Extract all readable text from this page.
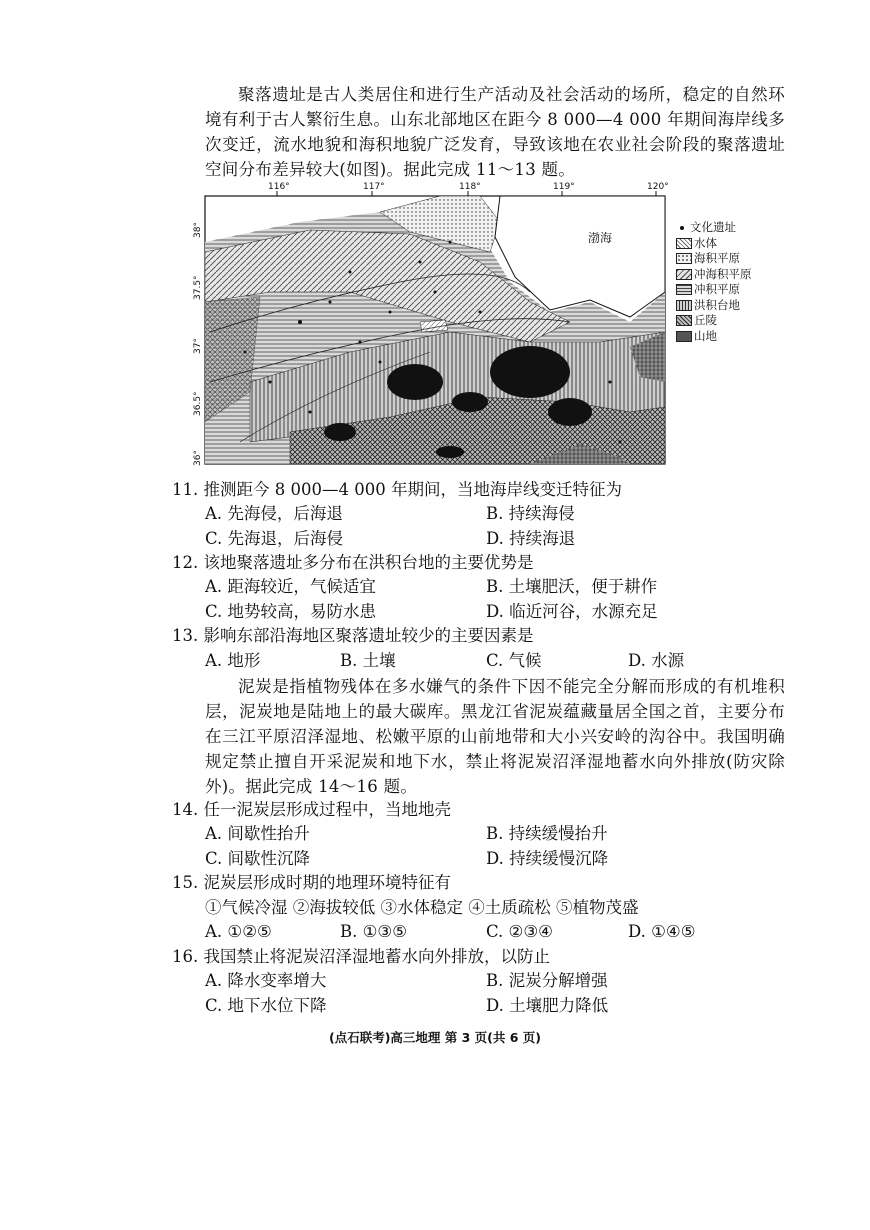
聚落遗址是古人类居住和进行生产活动及社会活动的场所，稳定的自然环境有利于古人繁衍生息。山东北部地区在距今 8 000—4 000 年期间海岸线多次变迁，流水地貌和海积地貌广泛发育，导致该地在农业社会阶段的聚落遗址空间分布差异较大(如图)。据此完成 11～13 题。

116°	117°	118°	119°	120°
38°
37.5°
37°
36.5°
36°
渤海
文化遗址
水体
海积平原
冲海积平原
冲积平原
洪积台地
丘陵
山地
11. 推测距今 8 000—4 000 年期间，当地海岸线变迁特征为
A. 先海侵，后海退	B. 持续海侵
C. 先海退，后海侵	D. 持续海退
12. 该地聚落遗址多分布在洪积台地的主要优势是
A. 距海较近，气候适宜	B. 土壤肥沃，便于耕作
C. 地势较高，易防水患	D. 临近河谷，水源充足
13. 影响东部沿海地区聚落遗址较少的主要因素是
A. 地形	B. 土壤	C. 气候	D. 水源

泥炭是指植物残体在多水嫌气的条件下因不能完全分解而形成的有机堆积层，泥炭地是陆地上的最大碳库。黑龙江省泥炭蕴藏量居全国之首，主要分布在三江平原沼泽湿地、松嫩平原的山前地带和大小兴安岭的沟谷中。我国明确规定禁止擅自开采泥炭和地下水，禁止将泥炭沼泽湿地蓄水向外排放(防灾除外)。据此完成 14～16 题。

14. 任一泥炭层形成过程中，当地地壳
A. 间歇性抬升	B. 持续缓慢抬升
C. 间歇性沉降	D. 持续缓慢沉降
15. 泥炭层形成时期的地理环境特征有
①气候冷湿 ②海拔较低 ③水体稳定 ④土质疏松 ⑤植物茂盛
A. ①②⑤	B. ①③⑤	C. ②③④	D. ①④⑤
16. 我国禁止将泥炭沼泽湿地蓄水向外排放，以防止
A. 降水变率增大	B. 泥炭分解增强
C. 地下水位下降	D. 土壤肥力降低
(点石联考)高三地理 第 3 页(共 6 页)
